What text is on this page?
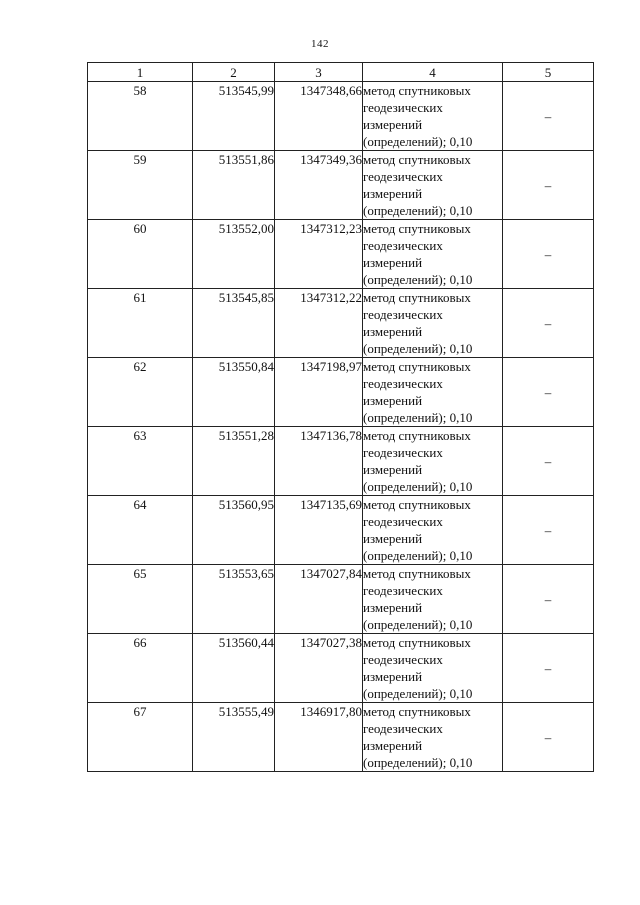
142
1	2	3	4	5
58	513545,99	1347348,66	метод спутниковых
геодезических
измерений
(определений); 0,10	–
59	513551,86	1347349,36	метод спутниковых
геодезических
измерений
(определений); 0,10	–
60	513552,00	1347312,23	метод спутниковых
геодезических
измерений
(определений); 0,10	–
61	513545,85	1347312,22	метод спутниковых
геодезических
измерений
(определений); 0,10	–
62	513550,84	1347198,97	метод спутниковых
геодезических
измерений
(определений); 0,10	–
63	513551,28	1347136,78	метод спутниковых
геодезических
измерений
(определений); 0,10	–
64	513560,95	1347135,69	метод спутниковых
геодезических
измерений
(определений); 0,10	–
65	513553,65	1347027,84	метод спутниковых
геодезических
измерений
(определений); 0,10	–
66	513560,44	1347027,38	метод спутниковых
геодезических
измерений
(определений); 0,10	–
67	513555,49	1346917,80	метод спутниковых
геодезических
измерений
(определений); 0,10	–
